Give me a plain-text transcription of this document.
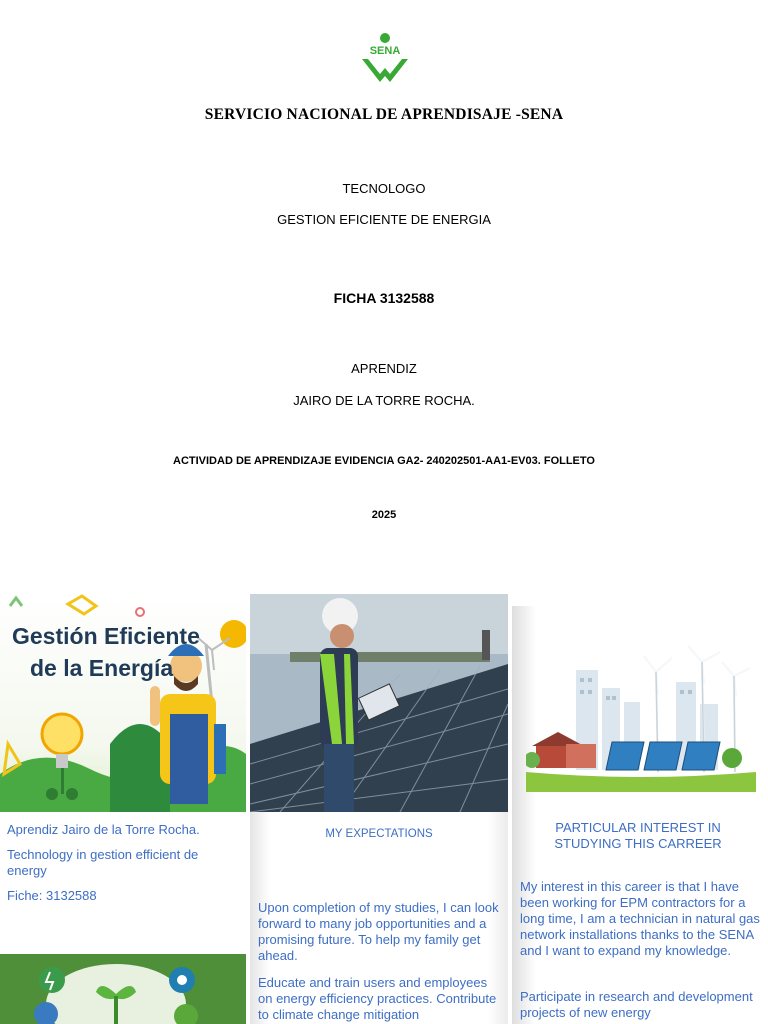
SENA
SERVICIO NACIONAL DE APRENDISAJE -SENA
TECNOLOGO
GESTION EFICIENTE DE ENERGIA
FICHA 3132588
APRENDIZ
JAIRO DE LA TORRE ROCHA.
ACTIVIDAD DE APRENDIZAJE EVIDENCIA GA2- 240202501-AA1-EV03. FOLLETO
2025
Gestión Eficiente
de la Energía
Aprendiz Jairo de la Torre Rocha.
Technology in gestion efficient de energy
Fiche: 3132588
MY EXPECTATIONS
Upon completion of my studies, I can look forward to many job opportunities and a promising future. To help my family get ahead.
Educate and train users and employees on energy efficiency practices. Contribute to climate change mitigation
PARTICULAR INTEREST IN STUDYING THIS CARREER
My interest in this career is that I have been working for EPM contractors for a long time, I am a technician in natural gas network installations thanks to the SENA and I want to expand my knowledge.
Participate in research and development projects of new energy
